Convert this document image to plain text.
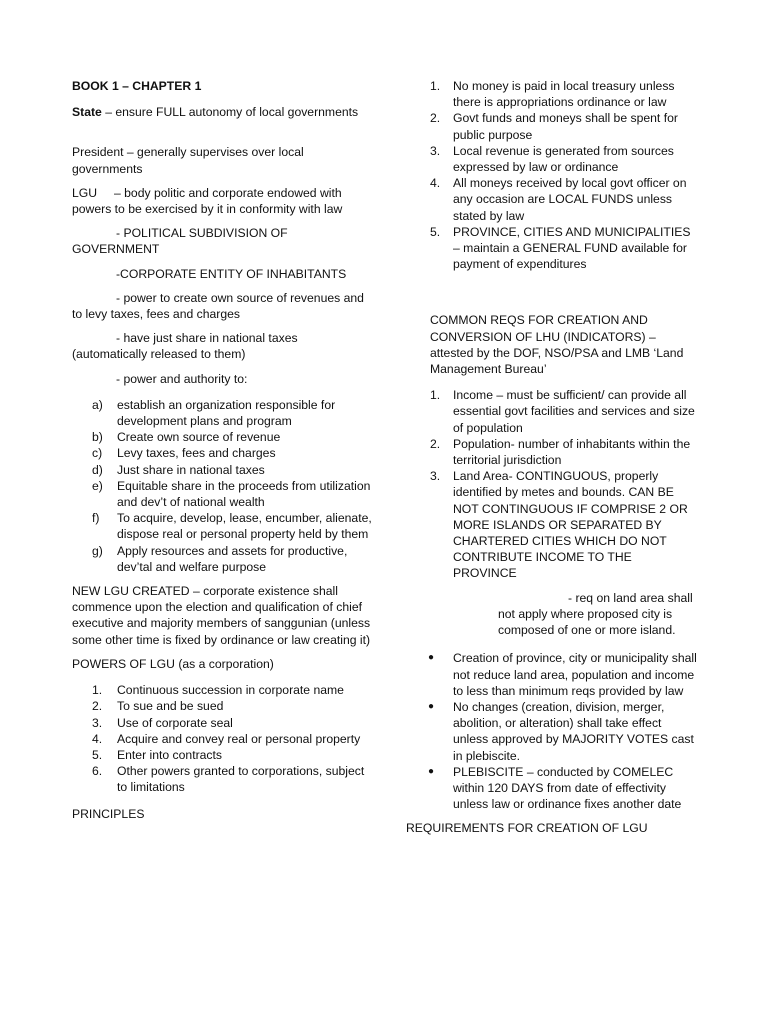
BOOK 1 – CHAPTER 1

State – ensure FULL autonomy of local governments

President – generally supervises over local governments

LGU     – body politic and corporate endowed with powers to be exercised by it in conformity with law

- POLITICAL SUBDIVISION OF GOVERNMENT

-CORPORATE ENTITY OF INHABITANTS

- power to create own source of revenues and to levy taxes, fees and charges

- have just share in national taxes (automatically released to them)

- power and authority to:

a) establish an organization responsible for development plans and program
b) Create own source of revenue
c) Levy taxes, fees and charges
d) Just share in national taxes
e) Equitable share in the proceeds from utilization and dev’t of national wealth
f) To acquire, develop, lease, encumber, alienate, dispose real or personal property held by them
g) Apply resources and assets for productive, dev’tal and welfare purpose

NEW LGU CREATED – corporate existence shall commence upon the election and qualification of chief executive and majority members of sanggunian (unless some other time is fixed by ordinance or law creating it)

POWERS OF LGU (as a corporation)

1. Continuous succession in corporate name
2. To sue and be sued
3. Use of corporate seal
4. Acquire and convey real or personal property
5. Enter into contracts
6. Other powers granted to corporations, subject to limitations

PRINCIPLES

1. No money is paid in local treasury unless there is appropriations ordinance or law
2. Govt funds and moneys shall be spent for public purpose
3. Local revenue is generated from sources expressed by law or ordinance
4. All moneys received by local govt officer on any occasion are LOCAL FUNDS unless stated by law
5. PROVINCE, CITIES AND MUNICIPALITIES – maintain a GENERAL FUND available for payment of expenditures

COMMON REQS FOR CREATION AND CONVERSION OF LHU (INDICATORS) – attested by the DOF, NSO/PSA and LMB ‘Land Management Bureau’

1. Income – must be sufficient/ can provide all essential govt facilities and services and size of population
2. Population- number of inhabitants within the territorial jurisdiction
3. Land Area- CONTINGUOUS, properly identified by metes and bounds. CAN BE NOT CONTINGUOUS IF COMPRISE 2 OR MORE ISLANDS OR SEPARATED BY CHARTERED CITIES WHICH DO NOT CONTRIBUTE INCOME TO THE PROVINCE

- req on land area shall not apply where proposed city is composed of one or more island.

● Creation of province, city or municipality shall not reduce land area, population and income to less than minimum reqs provided by law
● No changes (creation, division, merger, abolition, or alteration) shall take effect unless approved by MAJORITY VOTES cast in plebiscite.
● PLEBISCITE – conducted by COMELEC within 120 DAYS from date of effectivity unless law or ordinance fixes another date

REQUIREMENTS FOR CREATION OF LGU
